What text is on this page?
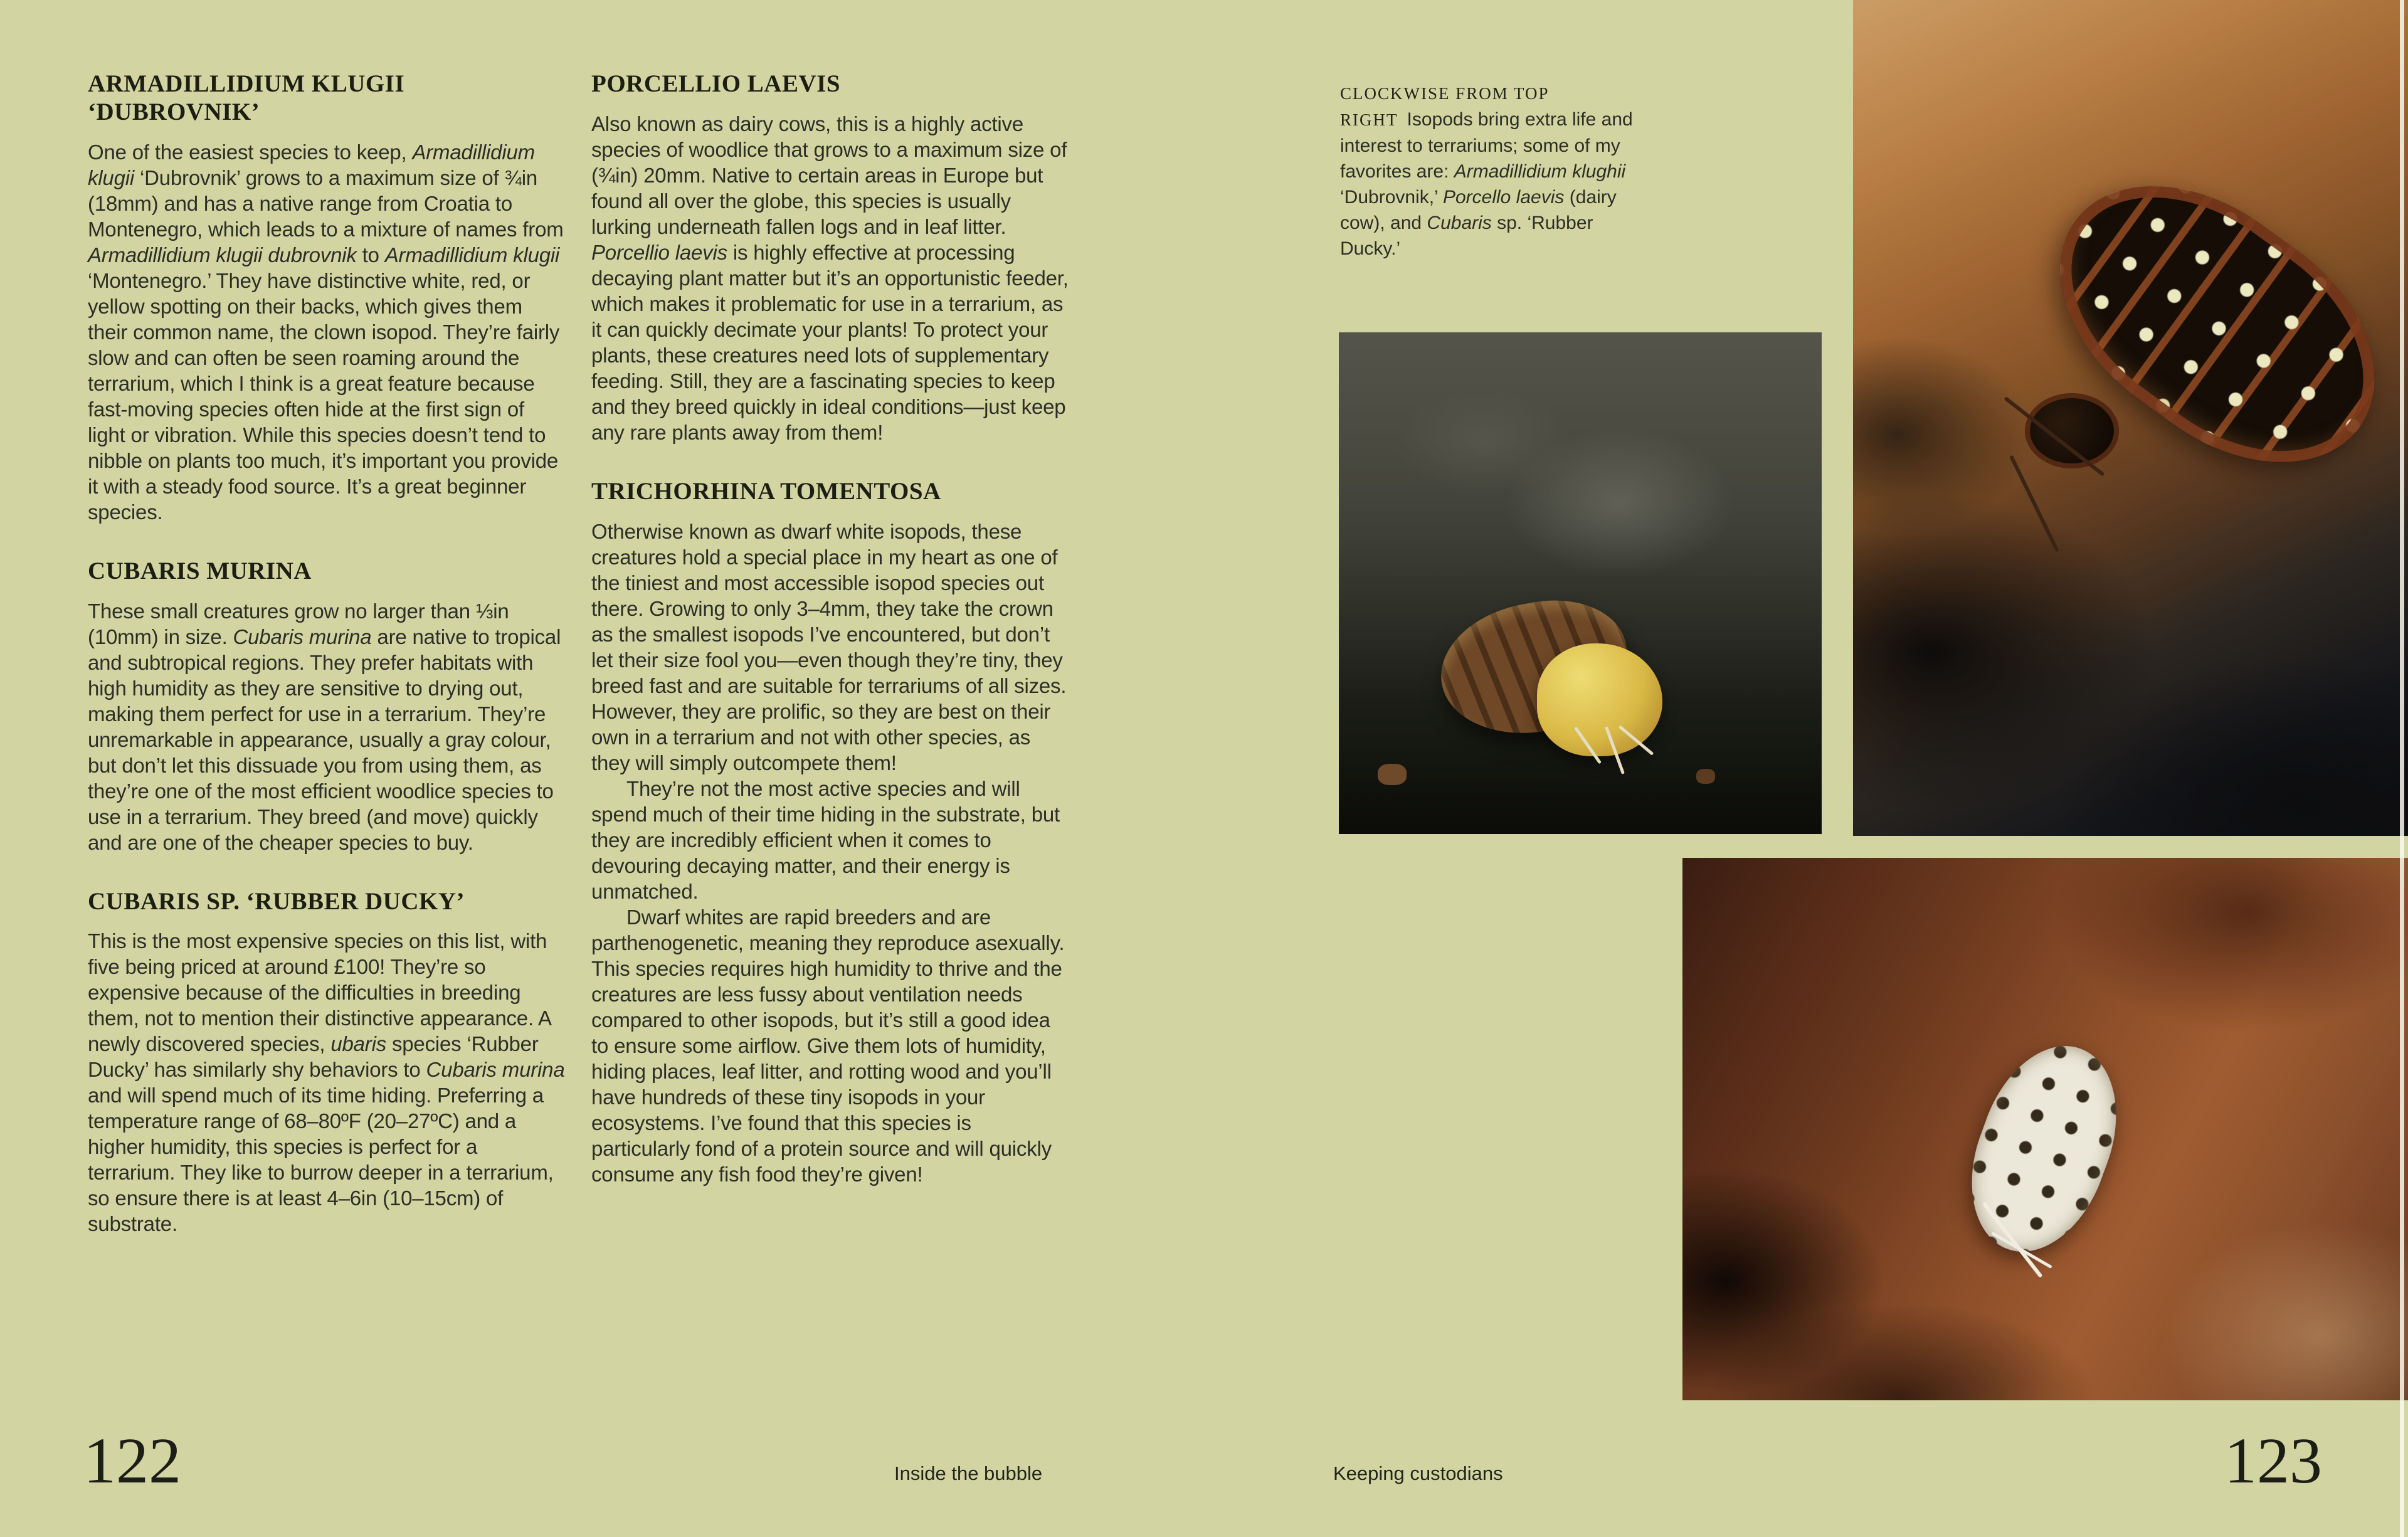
ARMADILLIDIUM KLUGII ‘DUBROVNIK’

One of the easiest species to keep, Armadillidium klugii ‘Dubrovnik’ grows to a maximum size of ¾in (18mm) and has a native range from Croatia to Montenegro, which leads to a mixture of names from Armadillidium klugii dubrovnik to Armadillidium klugii ‘Montenegro.’ They have distinctive white, red, or yellow spotting on their backs, which gives them their common name, the clown isopod. They’re fairly slow and can often be seen roaming around the terrarium, which I think is a great feature because fast-moving species often hide at the first sign of light or vibration. While this species doesn’t tend to nibble on plants too much, it’s important you provide it with a steady food source. It’s a great beginner species.

CUBARIS MURINA

These small creatures grow no larger than ⅓in (10mm) in size. Cubaris murina are native to tropical and subtropical regions. They prefer habitats with high humidity as they are sensitive to drying out, making them perfect for use in a terrarium. They’re unremarkable in appearance, usually a gray colour, but don’t let this dissuade you from using them, as they’re one of the most efficient woodlice species to use in a terrarium. They breed (and move) quickly and are one of the cheaper species to buy.

CUBARIS SP. ‘RUBBER DUCKY’

This is the most expensive species on this list, with five being priced at around £100! They’re so expensive because of the difficulties in breeding them, not to mention their distinctive appearance. A newly discovered species, ubaris species ‘Rubber Ducky’ has similarly shy behaviors to Cubaris murina and will spend much of its time hiding. Preferring a temperature range of 68–80ºF (20–27ºC) and a higher humidity, this species is perfect for a terrarium. They like to burrow deeper in a terrarium, so ensure there is at least 4–6in (10–15cm) of substrate.

PORCELLIO LAEVIS

Also known as dairy cows, this is a highly active species of woodlice that grows to a maximum size of (¾in) 20mm. Native to certain areas in Europe but found all over the globe, this species is usually lurking underneath fallen logs and in leaf litter. Porcellio laevis is highly effective at processing decaying plant matter but it’s an opportunistic feeder, which makes it problematic for use in a terrarium, as it can quickly decimate your plants! To protect your plants, these creatures need lots of supplementary feeding. Still, they are a fascinating species to keep and they breed quickly in ideal conditions—just keep any rare plants away from them!

TRICHORHINA TOMENTOSA

Otherwise known as dwarf white isopods, these creatures hold a special place in my heart as one of the tiniest and most accessible isopod species out there. Growing to only 3–4mm, they take the crown as the smallest isopods I’ve encountered, but don’t let their size fool you—even though they’re tiny, they breed fast and are suitable for terrariums of all sizes. However, they are prolific, so they are best on their own in a terrarium and not with other species, as they will simply outcompete them!

They’re not the most active species and will spend much of their time hiding in the substrate, but they are incredibly efficient when it comes to devouring decaying matter, and their energy is unmatched.

Dwarf whites are rapid breeders and are parthenogenetic, meaning they reproduce asexually. This species requires high humidity to thrive and the creatures are less fussy about ventilation needs compared to other isopods, but it’s still a good idea to ensure some airflow. Give them lots of humidity, hiding places, leaf litter, and rotting wood and you’ll have hundreds of these tiny isopods in your ecosystems. I’ve found that this species is particularly fond of a protein source and will quickly consume any fish food they’re given!

CLOCKWISE FROM TOP RIGHT Isopods bring extra life and interest to terrariums; some of my favorites are: Armadillidium klughii ‘Dubrovnik,’ Porcello laevis (dairy cow), and Cubaris sp. ‘Rubber Ducky.’
122	123
Inside the bubble	Keeping custodians
